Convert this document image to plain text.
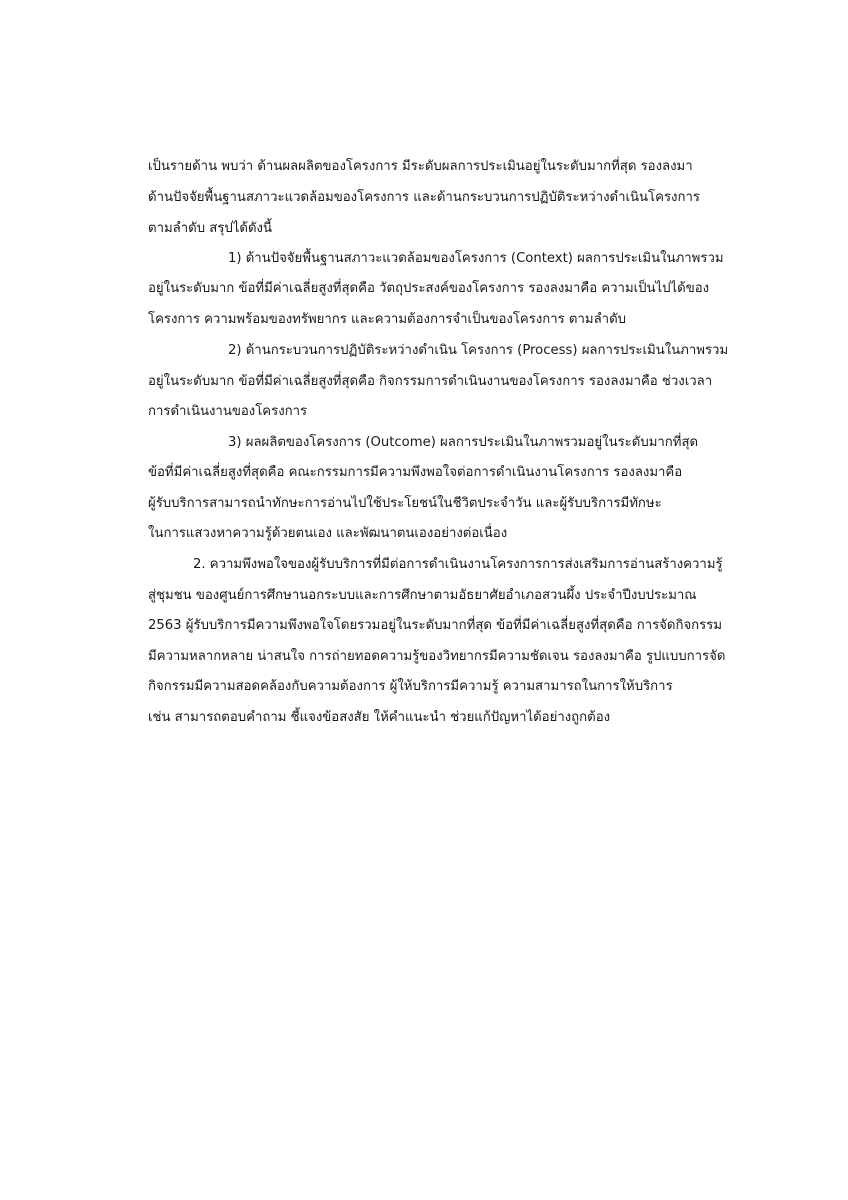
เป็นรายด้าน พบว่า ด้านผลผลิตของโครงการ มีระดับผลการประเมินอยู่ในระดับมากที่สุด รองลงมา
ด้านปัจจัยพื้นฐานสภาวะแวดล้อมของโครงการ และด้านกระบวนการปฏิบัติระหว่างดำเนินโครงการ
ตามลำดับ สรุปได้ดังนี้
1) ด้านปัจจัยพื้นฐานสภาวะแวดล้อมของโครงการ (Context) ผลการประเมินในภาพรวม
อยู่ในระดับมาก ข้อที่มีค่าเฉลี่ยสูงที่สุดคือ วัตถุประสงค์ของโครงการ รองลงมาคือ ความเป็นไปได้ของ
โครงการ ความพร้อมของทรัพยากร และความต้องการจำเป็นของโครงการ ตามลำดับ
2) ด้านกระบวนการปฏิบัติระหว่างดำเนิน โครงการ (Process) ผลการประเมินในภาพรวม
อยู่ในระดับมาก ข้อที่มีค่าเฉลี่ยสูงที่สุดคือ กิจกรรมการดำเนินงานของโครงการ รองลงมาคือ ช่วงเวลา
การดำเนินงานของโครงการ
3) ผลผลิตของโครงการ (Outcome) ผลการประเมินในภาพรวมอยู่ในระดับมากที่สุด
ข้อที่มีค่าเฉลี่ยสูงที่สุดคือ คณะกรรมการมีความพึงพอใจต่อการดำเนินงานโครงการ รองลงมาคือ
ผู้รับบริการสามารถนำทักษะการอ่านไปใช้ประโยชน์ในชีวิตประจำวัน และผู้รับบริการมีทักษะ
ในการแสวงหาความรู้ด้วยตนเอง และพัฒนาตนเองอย่างต่อเนื่อง
2. ความพึงพอใจของผู้รับบริการที่มีต่อการดำเนินงานโครงการการส่งเสริมการอ่านสร้างความรู้
สู่ชุมชน ของศูนย์การศึกษานอกระบบและการศึกษาตามอัธยาศัยอำเภอสวนผึ้ง ประจำปีงบประมาณ
2563 ผู้รับบริการมีความพึงพอใจโดยรวมอยู่ในระดับมากที่สุด ข้อที่มีค่าเฉลี่ยสูงที่สุดคือ การจัดกิจกรรม
มีความหลากหลาย น่าสนใจ การถ่ายทอดความรู้ของวิทยากรมีความชัดเจน รองลงมาคือ รูปแบบการจัด
กิจกรรมมีความสอดคล้องกับความต้องการ ผู้ให้บริการมีความรู้ ความสามารถในการให้บริการ
เช่น สามารถตอบคำถาม ชี้แจงข้อสงสัย ให้คำแนะนำ ช่วยแก้ปัญหาได้อย่างถูกต้อง
